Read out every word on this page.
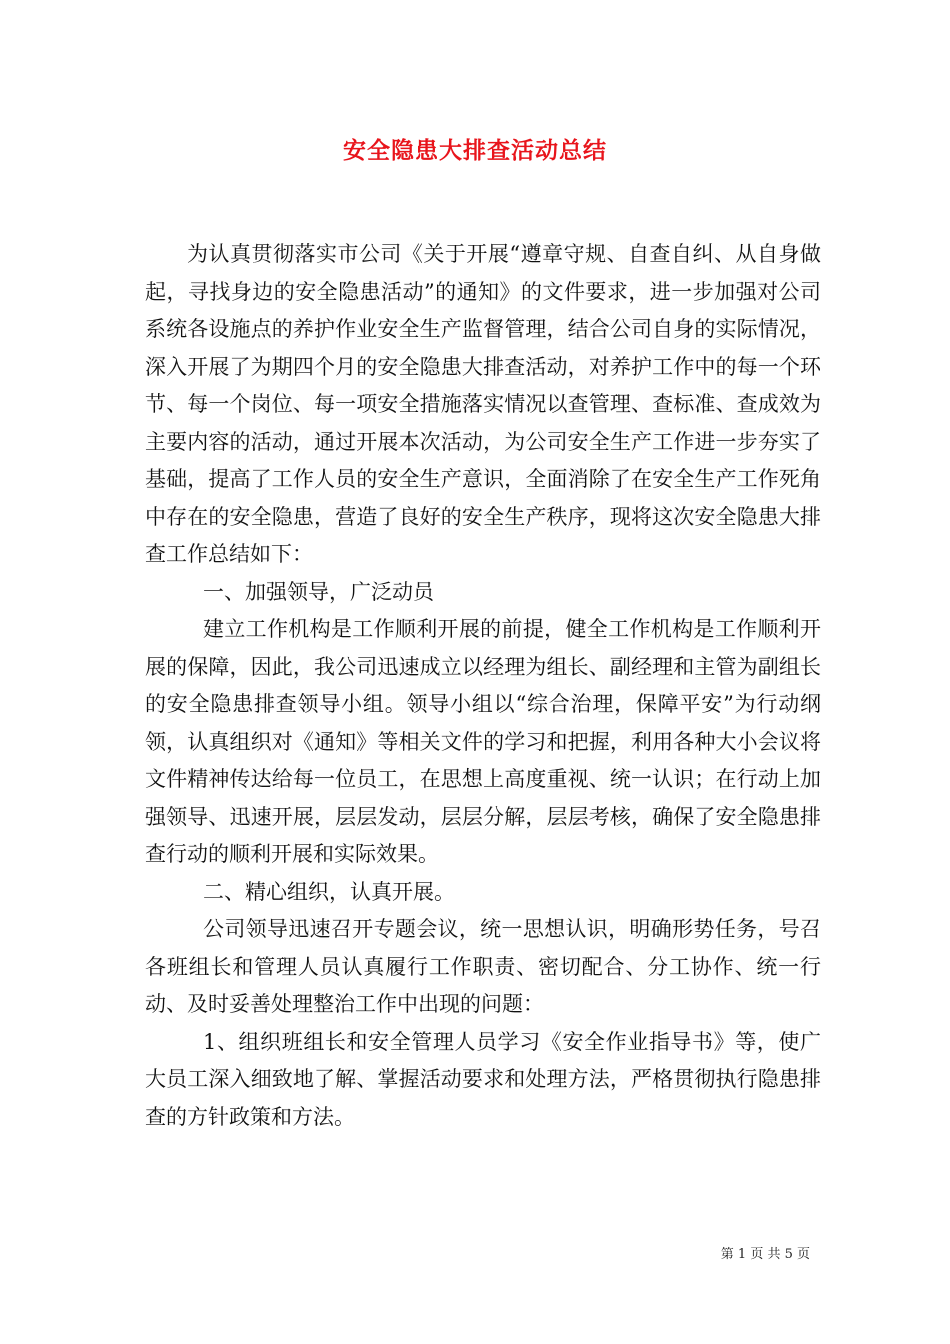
安全隐患大排查活动总结

为认真贯彻落实市公司《关于开展“遵章守规、自查自纠、从自身做起，寻找身边的安全隐患活动”的通知》的文件要求，进一步加强对公司系统各设施点的养护作业安全生产监督管理，结合公司自身的实际情况，深入开展了为期四个月的安全隐患大排查活动，对养护工作中的每一个环节、每一个岗位、每一项安全措施落实情况以查管理、查标准、查成效为主要内容的活动，通过开展本次活动，为公司安全生产工作进一步夯实了基础，提高了工作人员的安全生产意识，全面消除了在安全生产工作死角中存在的安全隐患，营造了良好的安全生产秩序，现将这次安全隐患大排查工作总结如下：

一、加强领导，广泛动员

建立工作机构是工作顺利开展的前提，健全工作机构是工作顺利开展的保障，因此，我公司迅速成立以经理为组长、副经理和主管为副组长的安全隐患排查领导小组。领导小组以“综合治理，保障平安”为行动纲领，认真组织对《通知》等相关文件的学习和把握，利用各种大小会议将文件精神传达给每一位员工，在思想上高度重视、统一认识；在行动上加强领导、迅速开展，层层发动，层层分解，层层考核，确保了安全隐患排查行动的顺利开展和实际效果。

二、精心组织，认真开展。

公司领导迅速召开专题会议，统一思想认识，明确形势任务，号召各班组长和管理人员认真履行工作职责、密切配合、分工协作、统一行动、及时妥善处理整治工作中出现的问题：

1、组织班组长和安全管理人员学习《安全作业指导书》等，使广大员工深入细致地了解、掌握活动要求和处理方法，严格贯彻执行隐患排查的方针政策和方法。

第 1 页 共 5 页
